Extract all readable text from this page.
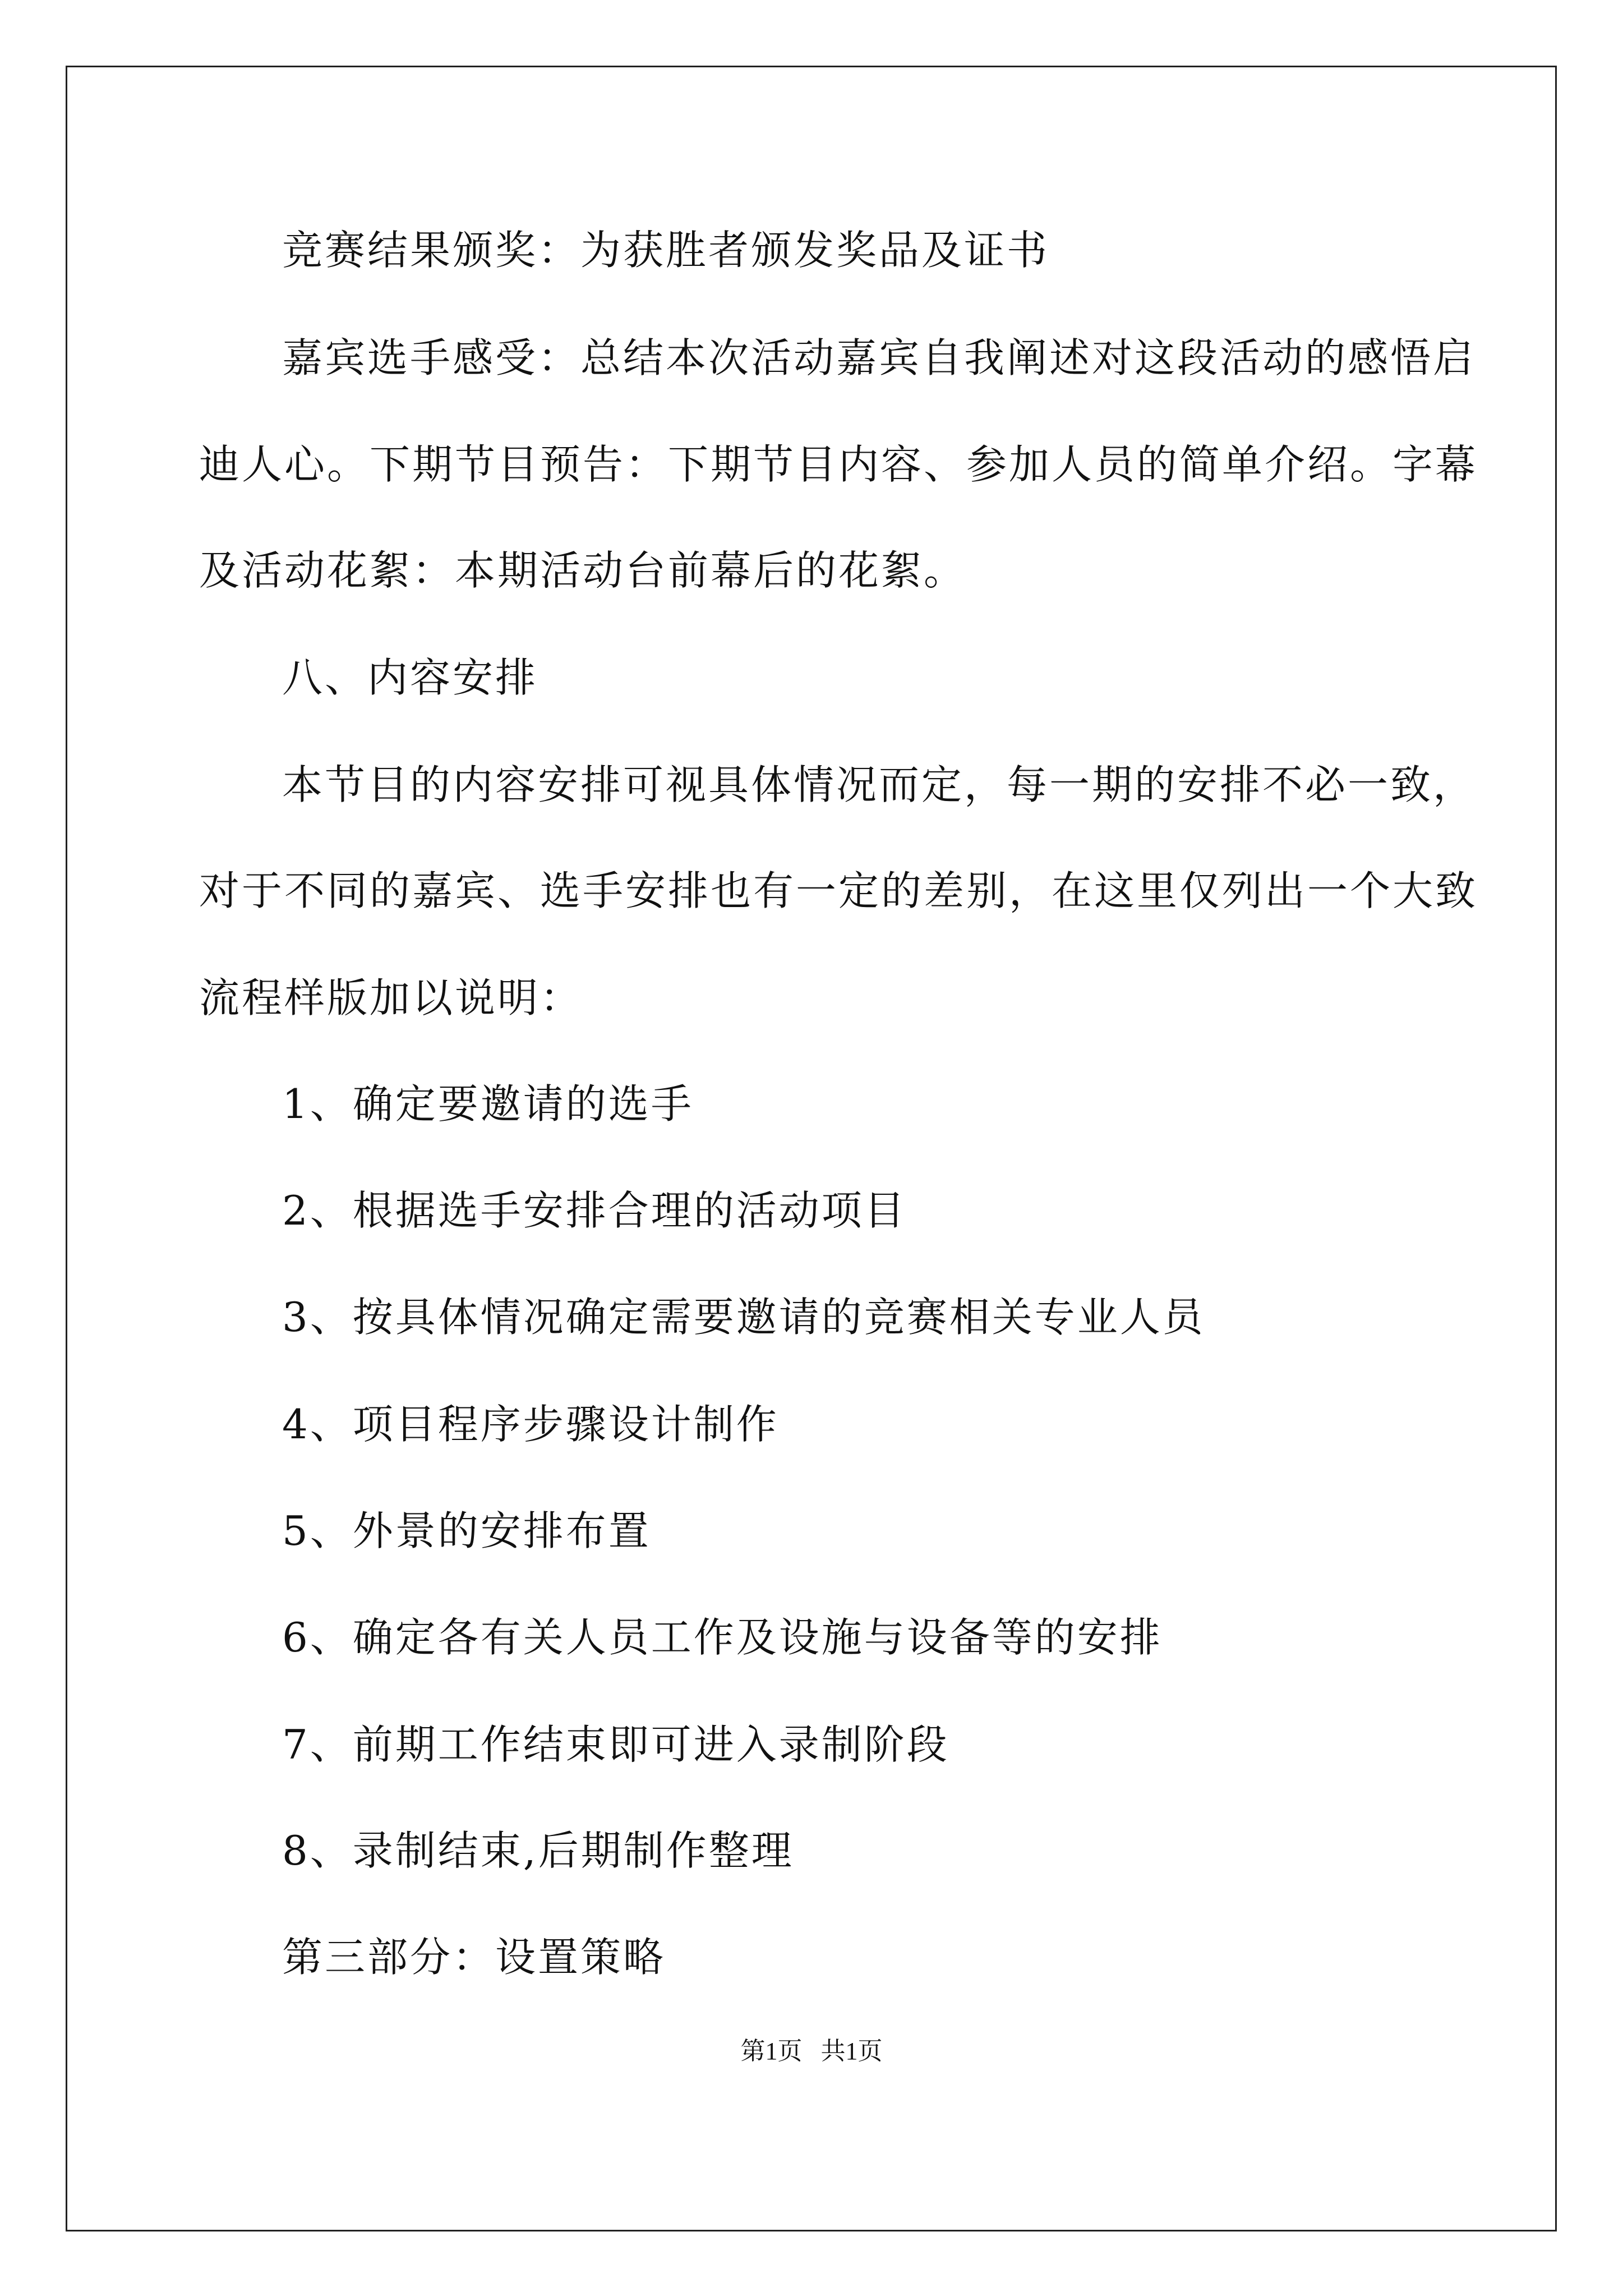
竞赛结果颁奖：为获胜者颁发奖品及证书
嘉宾选手感受：总结本次活动嘉宾自我阐述对这段活动的感悟启
迪人心。下期节目预告：下期节目内容、参加人员的简单介绍。字幕
及活动花絮：本期活动台前幕后的花絮。
八、内容安排
本节目的内容安排可视具体情况而定，每一期的安排不必一致，
对于不同的嘉宾、选手安排也有一定的差别，在这里仅列出一个大致
流程样版加以说明：
1、确定要邀请的选手
2、根据选手安排合理的活动项目
3、按具体情况确定需要邀请的竞赛相关专业人员
4、项目程序步骤设计制作
5、外景的安排布置
6、确定各有关人员工作及设施与设备等的安排
7、前期工作结束即可进入录制阶段
8、录制结束,后期制作整理
第三部分：设置策略
第1页   共1页
